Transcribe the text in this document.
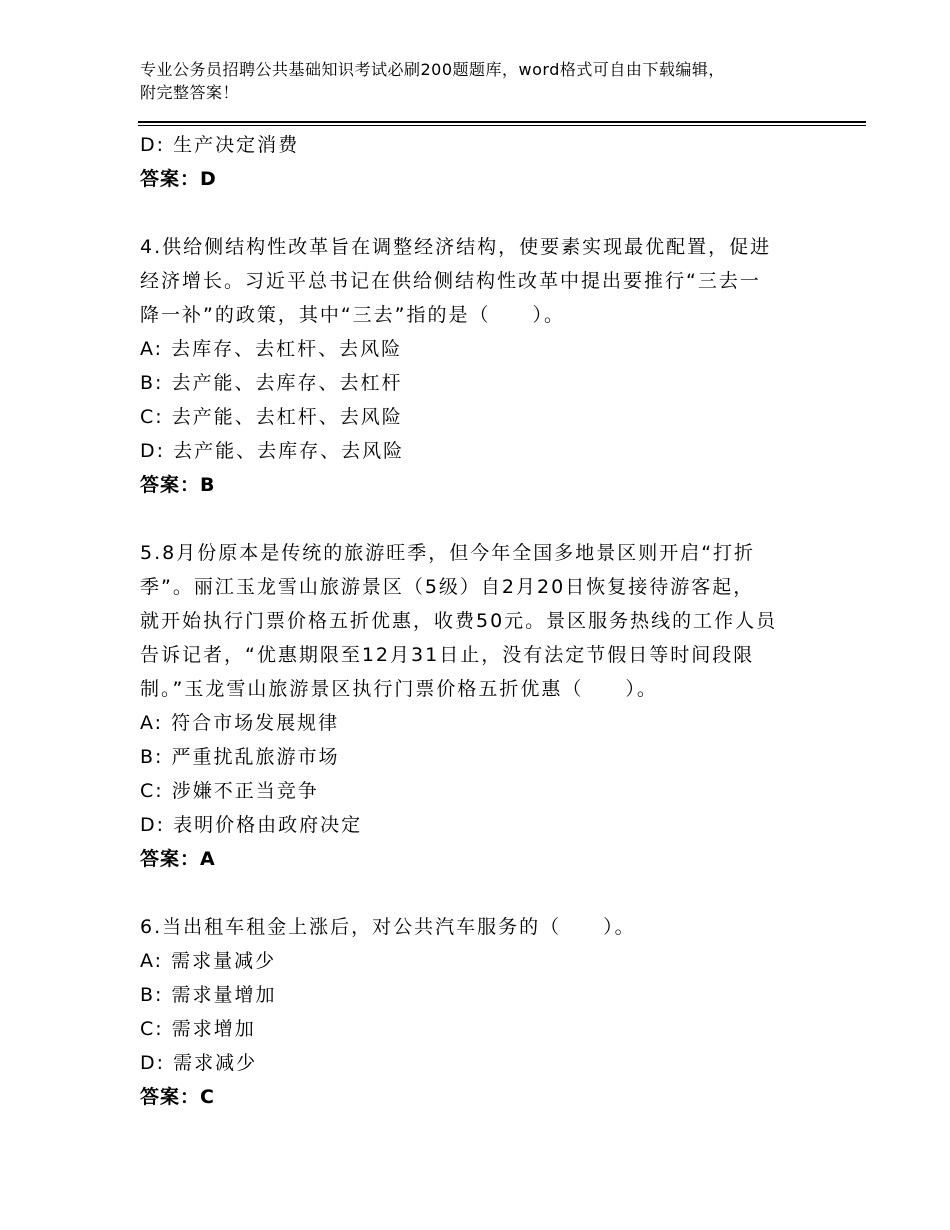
专业公务员招聘公共基础知识考试必刷200题题库，word格式可自由下载编辑，
附完整答案！
D: 生产决定消费
答案：D
4.供给侧结构性改革旨在调整经济结构，使要素实现最优配置，促进
经济增长。习近平总书记在供给侧结构性改革中提出要推行“三去一
降一补”的政策，其中“三去”指的是（　　）。
A: 去库存、去杠杆、去风险
B: 去产能、去库存、去杠杆
C: 去产能、去杠杆、去风险
D: 去产能、去库存、去风险
答案：B
5.8月份原本是传统的旅游旺季，但今年全国多地景区则开启“打折
季”。丽江玉龙雪山旅游景区（5级）自2月20日恢复接待游客起，
就开始执行门票价格五折优惠，收费50元。景区服务热线的工作人员
告诉记者，“优惠期限至12月31日止，没有法定节假日等时间段限
制。”玉龙雪山旅游景区执行门票价格五折优惠（　　）。
A: 符合市场发展规律
B: 严重扰乱旅游市场
C: 涉嫌不正当竞争
D: 表明价格由政府决定
答案：A
6.当出租车租金上涨后，对公共汽车服务的（　　）。
A: 需求量减少
B: 需求量增加
C: 需求增加
D: 需求减少
答案：C
